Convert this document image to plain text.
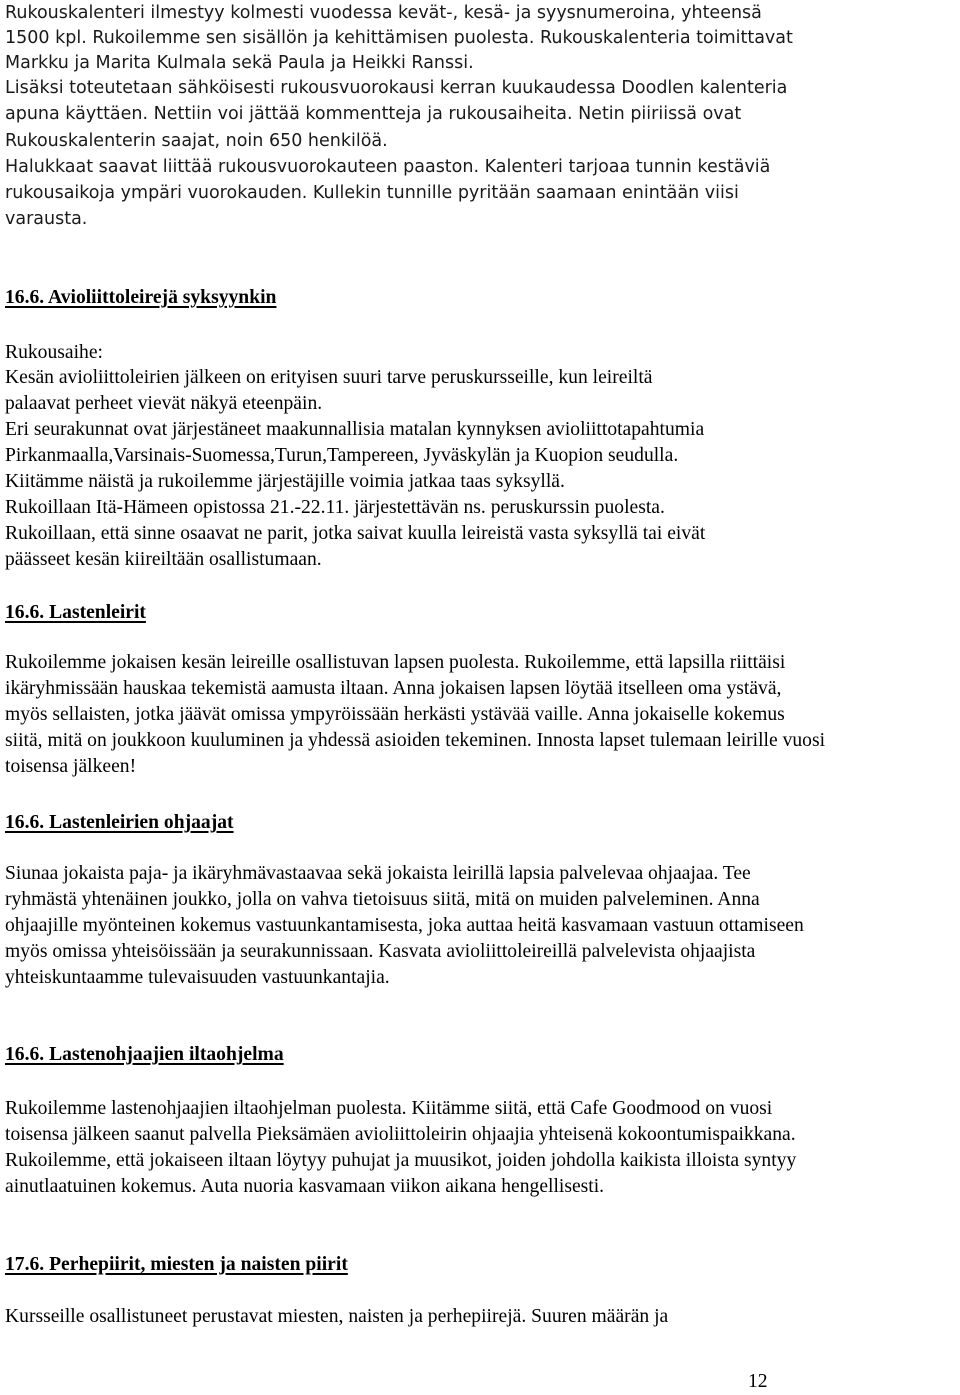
Rukouskalenteri ilmestyy kolmesti vuodessa kevät-, kesä- ja syysnumeroina, yhteensä
1500 kpl. Rukoilemme sen sisällön ja kehittämisen puolesta. Rukouskalenteria toimittavat
Markku ja Marita Kulmala sekä Paula ja Heikki Ranssi.
Lisäksi toteutetaan sähköisesti rukousvuorokausi kerran kuukaudessa Doodlen kalenteria
apuna käyttäen. Nettiin voi jättää kommentteja ja rukousaiheita. Netin piiriissä ovat
Rukouskalenterin saajat, noin 650 henkilöä.
Halukkaat saavat liittää rukousvuorokauteen paaston. Kalenteri tarjoaa tunnin kestäviä
rukousaikoja ympäri vuorokauden. Kullekin tunnille pyritään saamaan enintään viisi
varausta.
16.6. Avioliittoleirejä syksyynkin
Rukousaihe:
Kesän avioliittoleirien jälkeen on erityisen suuri tarve peruskursseille, kun leireiltä
palaavat perheet vievät näkyä eteenpäin.
Eri seurakunnat ovat järjestäneet maakunnallisia matalan kynnyksen avioliittotapahtumia
Pirkanmaalla,Varsinais-Suomessa,Turun,Tampereen, Jyväskylän ja Kuopion seudulla.
Kiitämme näistä ja rukoilemme järjestäjille voimia jatkaa taas syksyllä.
Rukoillaan Itä-Hämeen opistossa 21.-22.11. järjestettävän ns. peruskurssin puolesta.
Rukoillaan, että sinne osaavat ne parit, jotka saivat kuulla leireistä vasta syksyllä tai eivät
päässeet kesän kiireiltään osallistumaan.
16.6. Lastenleirit
Rukoilemme jokaisen kesän leireille osallistuvan lapsen puolesta. Rukoilemme, että lapsilla riittäisi
ikäryhmissään hauskaa tekemistä aamusta iltaan. Anna jokaisen lapsen löytää itselleen oma ystävä,
myös sellaisten, jotka jäävät omissa ympyröissään herkästi ystävää vaille. Anna jokaiselle kokemus
siitä, mitä on joukkoon kuuluminen ja yhdessä asioiden tekeminen. Innosta lapset tulemaan leirille vuosi
toisensa jälkeen!
16.6. Lastenleirien ohjaajat
Siunaa jokaista paja- ja ikäryhmävastaavaa sekä jokaista leirillä lapsia palvelevaa ohjaajaa. Tee
ryhmästä yhtenäinen joukko, jolla on vahva tietoisuus siitä, mitä on muiden palveleminen. Anna
ohjaajille myönteinen kokemus vastuunkantamisesta, joka auttaa heitä kasvamaan vastuun ottamiseen
myös omissa yhteisöissään ja seurakunnissaan. Kasvata avioliittoleireillä palvelevista ohjaajista
yhteiskuntaamme tulevaisuuden vastuunkantajia.
16.6. Lastenohjaajien iltaohjelma
Rukoilemme lastenohjaajien iltaohjelman puolesta. Kiitämme siitä, että Cafe Goodmood on vuosi
toisensa jälkeen saanut palvella Pieksämäen avioliittoleirin ohjaajia yhteisenä kokoontumispaikkana.
Rukoilemme, että jokaiseen iltaan löytyy puhujat ja muusikot, joiden johdolla kaikista illoista syntyy
ainutlaatuinen kokemus. Auta nuoria kasvamaan viikon aikana hengellisesti.
17.6. Perhepiirit, miesten ja naisten piirit
Kursseille osallistuneet perustavat miesten, naisten ja perhepiirejä. Suuren määrän ja
12
